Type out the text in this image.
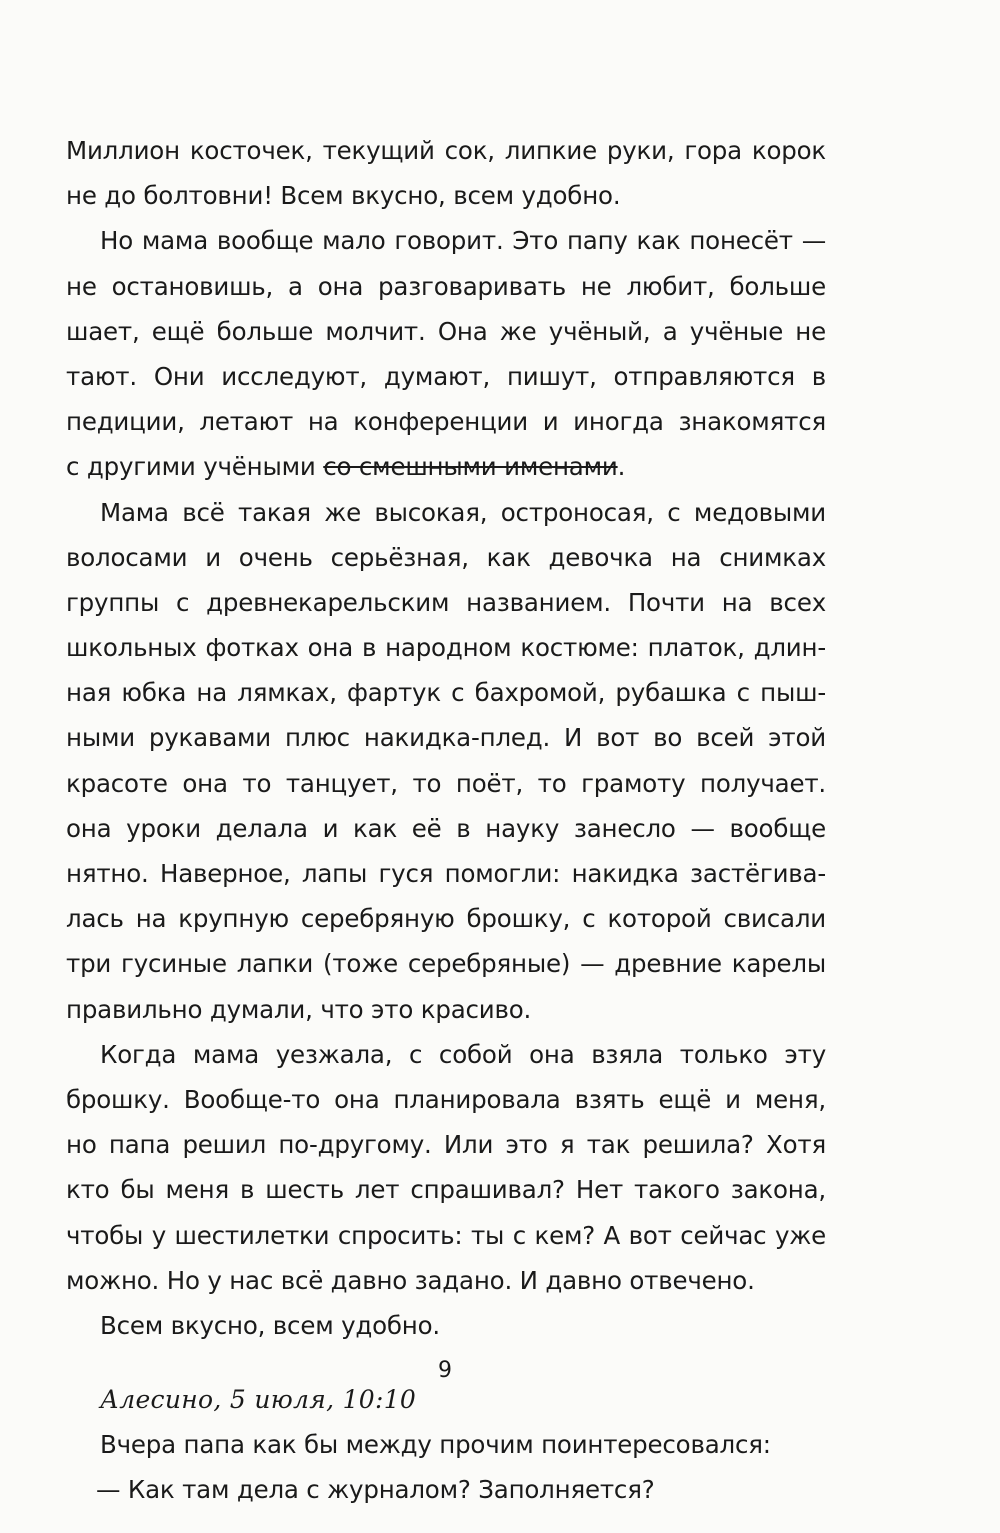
Миллион косточек, текущий сок, липкие руки, гора корок
не до болтовни! Всем вкусно, всем удобно.
Но мама вообще мало говорит. Это папу как понесёт —
не остановишь, а она разговаривать не любит, больше
шает, ещё больше молчит. Она же учёный, а учёные не
тают. Они исследуют, думают, пишут, отправляются в
педиции, летают на конференции и иногда знакомятся
с другими учёными со смешными именами.
Мама всё такая же высокая, остроносая, с медовыми
волосами и очень серьёзная, как девочка на снимках
группы с древнекарельским названием. Почти на всех
школьных фотках она в народном костюме: платок, длин-
ная юбка на лямках, фартук с бахромой, рубашка с пыш-
ными рукавами плюс накидка-плед. И вот во всей этой
красоте она то танцует, то поёт, то грамоту получает.
она уроки делала и как её в науку занесло — вообще
нятно. Наверное, лапы гуся помогли: накидка застёгива-
лась на крупную серебряную брошку, с которой свисали
три гусиные лапки (тоже серебряные) — древние карелы
правильно думали, что это красиво.
Когда мама уезжала, с собой она взяла только эту
брошку. Вообще-то она планировала взять ещё и меня,
но папа решил по-другому. Или это я так решила? Хотя
кто бы меня в шесть лет спрашивал? Нет такого закона,
чтобы у шестилетки спросить: ты с кем? А вот сейчас уже
можно. Но у нас всё давно задано. И давно отвечено.
Всем вкусно, всем удобно.
Алесино, 5 июля, 10:10
Вчера папа как бы между прочим поинтересовался:
— Как там дела с журналом? Заполняется?
9
